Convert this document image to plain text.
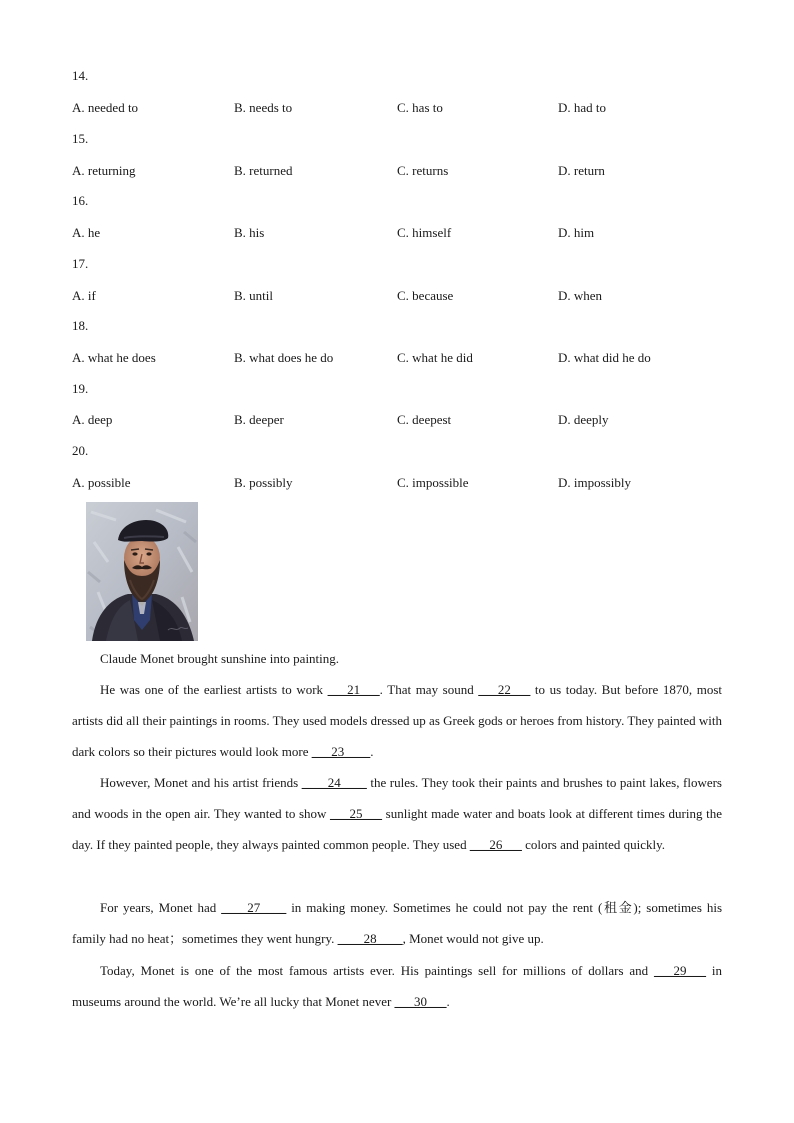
14.
A. needed to	B. needs to	C. has to	D. had to
15.
A. returning	B. returned	C. returns	D. return
16.
A. he	B. his	C. himself	D. him
17.
A. if	B. until	C. because	D. when
18.
A. what he does	B. what does he do	C. what he did	D. what did he do
19.
A. deep	B. deeper	C. deepest	D. deeply
20.
A. possible	B. possibly	C. impossible	D. impossibly
Claude Monet brought sunshine into painting.
He was one of the earliest artists to work ___21___. That may sound ___22___ to us today. But before 1870, most artists did all their paintings in rooms. They used models dressed up as Greek gods or heroes from history. They painted with dark colors so their pictures would look more ___23____.
However, Monet and his artist friends ____24____ the rules. They took their paints and brushes to paint lakes, flowers and woods in the open air. They wanted to show ___25___ sunlight made water and boats look at different times during the day. If they painted people, they always painted common people. They used ___26___ colors and painted quickly.
For years, Monet had ____27____ in making money. Sometimes he could not pay the rent (租金); sometimes his family had no heat；sometimes they went hungry. ____28____, Monet would not give up.
Today, Monet is one of the most famous artists ever. His paintings sell for millions of dollars and ___29___ in museums around the world. We’re all lucky that Monet never ___30___.
